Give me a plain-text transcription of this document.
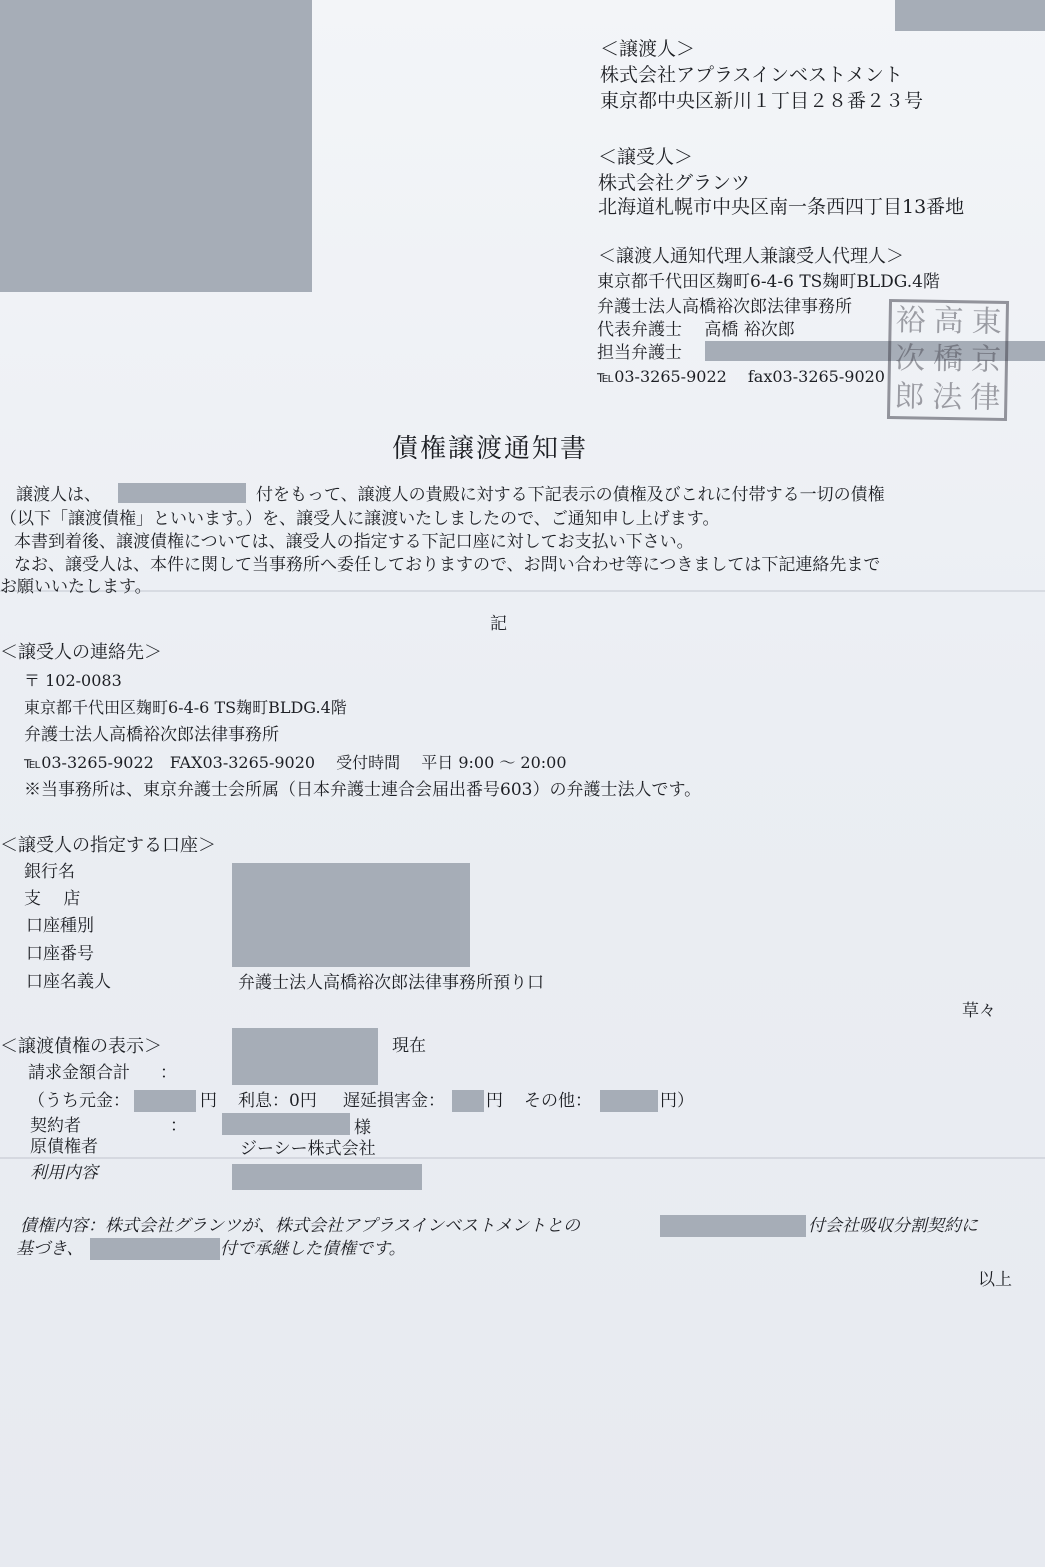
＜譲渡人＞
株式会社アプラスインベストメント
東京都中央区新川１丁目２８番２３号
＜譲受人＞
株式会社グランツ
北海道札幌市中央区南一条西四丁目13番地
＜譲渡人通知代理人兼譲受人代理人＞
東京都千代田区麹町6-4-6 TS麹町BLDG.4階
弁護士法人高橋裕次郎法律事務所
代表弁護士　 高橋 裕次郎
担当弁護士
℡03-3265-9022　 fax03-3265-9020
裕 高 東
次 橋 京
郎 法 律
債権譲渡通知書
譲渡人は、	付をもって、譲渡人の貴殿に対する下記表示の債権及びこれに付帯する一切の債権
（以下「譲渡債権」といいます。）を、譲受人に譲渡いたしましたので、ご通知申し上げます。
本書到着後、譲渡債権については、譲受人の指定する下記口座に対してお支払い下さい。
なお、譲受人は、本件に関して当事務所へ委任しておりますので、お問い合わせ等につきましては下記連絡先まで
お願いいたします。
記
＜譲受人の連絡先＞
〒 102-0083
東京都千代田区麹町6-4-6 TS麹町BLDG.4階
弁護士法人高橋裕次郎法律事務所
℡03-3265-9022　FAX03-3265-9020　 受付時間　 平日 9:00 ～ 20:00
※当事務所は、東京弁護士会所属（日本弁護士連合会届出番号603）の弁護士法人です。
＜譲受人の指定する口座＞
銀行名
支　 店
口座種別
口座番号
口座名義人	弁護士法人高橋裕次郎法律事務所預り口
草々
＜譲渡債権の表示＞	現在
請求金額合計 ：
（うち元金：	円 利息：0円 遅延損害金： 円 その他：	円）
契約者	：	様
原債権者	ジーシー株式会社
利用内容
債権内容：株式会社グランツが、株式会社アプラスインベストメントとの	付会社吸収分割契約に
基づき、	付で承継した債権です。
以上
